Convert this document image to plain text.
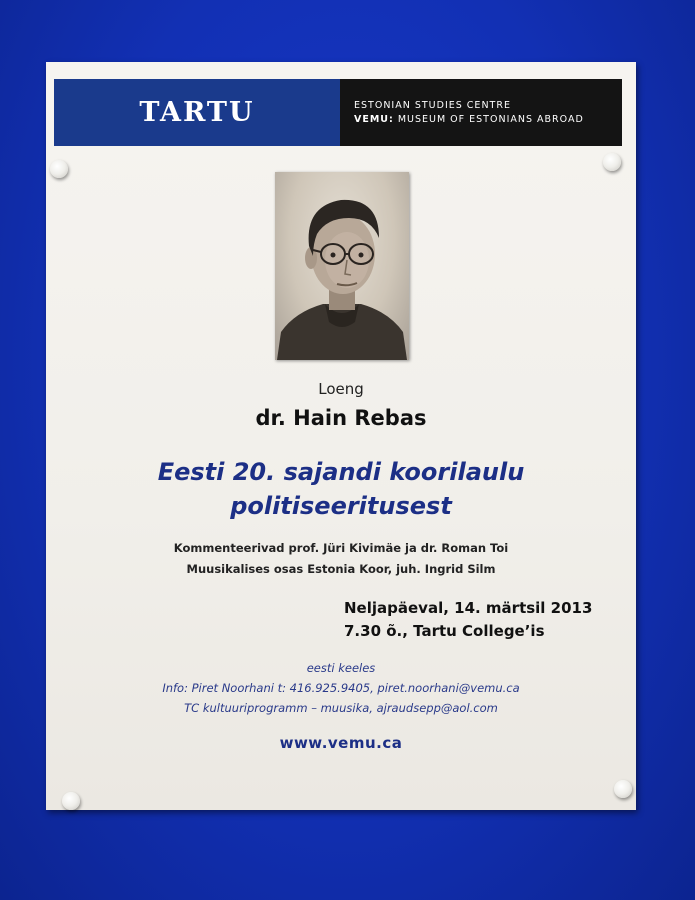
TARTU	ESTONIAN STUDIES CENTRE
VEMU: MUSEUM OF ESTONIANS ABROAD
Loeng
dr. Hain Rebas
Eesti 20. sajandi koorilaulu
politiseeritusest
Kommenteerivad prof. Jüri Kivimäe ja dr. Roman Toi
Muusikalises osas Estonia Koor, juh. Ingrid Silm
Neljapäeval, 14. märtsil 2013
7.30 õ., Tartu College’is
eesti keeles
Info: Piret Noorhani t: 416.925.9405, piret.noorhani@vemu.ca
TC kultuuriprogramm – muusika, ajraudsepp@aol.com
www.vemu.ca
